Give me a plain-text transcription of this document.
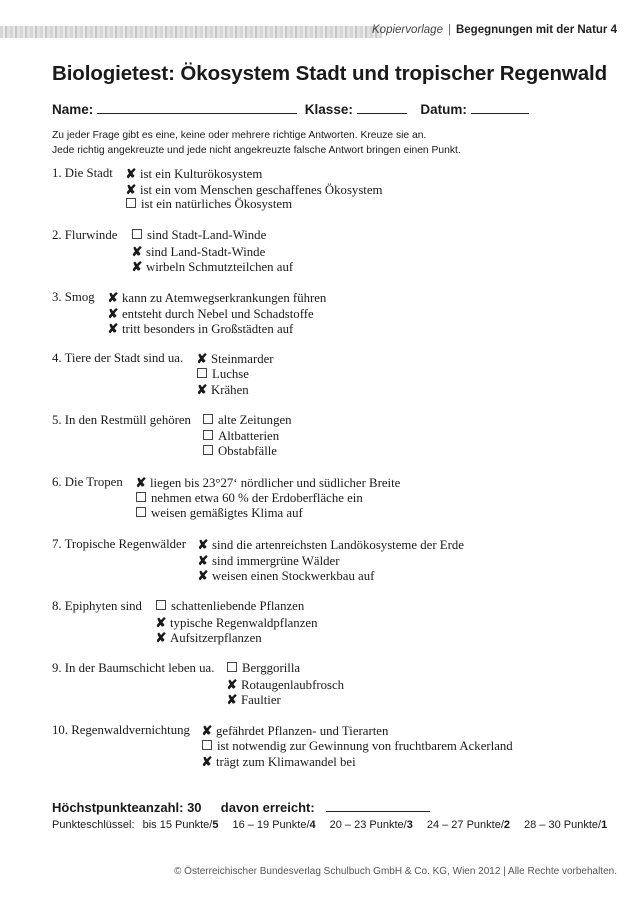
Kopiervorlage | Begegnungen mit der Natur 4
Biologietest: Ökosystem Stadt und tropischer Regenwald
Name:	Klasse:	Datum:
Zu jeder Frage gibt es eine, keine oder mehrere richtige Antworten. Kreuze sie an.
Jede richtig angekreuzte und jede nicht angekreuzte falsche Antwort bringen einen Punkt.
1. Die Stadt ✘ ist ein Kulturökosystem
✘ ist ein vom Menschen geschaffenes Ökosystem
ist ein natürliches Ökosystem
2. Flurwinde	sind Stadt-Land-Winde
✘ sind Land-Stadt-Winde
✘ wirbeln Schmutzteilchen auf
3. Smog ✘ kann zu Atemwegserkrankungen führen
✘ entsteht durch Nebel und Schadstoffe
✘ tritt besonders in Großstädten auf
4. Tiere der Stadt sind ua. ✘ Steinmarder
Luchse
✘ Krähen
5. In den Restmüll gehören	alte Zeitungen
Altbatterien
Obstabfälle
6. Die Tropen ✘ liegen bis 23°27‘ nördlicher und südlicher Breite
nehmen etwa 60 % der Erdoberfläche ein
weisen gemäßigtes Klima auf
7. Tropische Regenwälder ✘ sind die artenreichsten Landökosysteme der Erde
✘ sind immergrüne Wälder
✘ weisen einen Stockwerkbau auf
8. Epiphyten sind	schattenliebende Pflanzen
✘ typische Regenwaldpflanzen
✘ Aufsitzerpflanzen
9. In der Baumschicht leben ua.	Berggorilla
✘ Rotaugenlaubfrosch
✘ Faultier
10. Regenwaldvernichtung ✘ gefährdet Pflanzen- und Tierarten
ist notwendig zur Gewinnung von fruchtbarem Ackerland
✘ trägt zum Klimawandel bei
Höchstpunkteanzahl: 30 davon erreicht:
Punkteschlüssel: bis 15 Punkte/5 16 – 19 Punkte/4 20 – 23 Punkte/3 24 – 27 Punkte/2 28 – 30 Punkte/1
© Österreichischer Bundesverlag Schulbuch GmbH & Co. KG, Wien 2012 | Alle Rechte vorbehalten.
